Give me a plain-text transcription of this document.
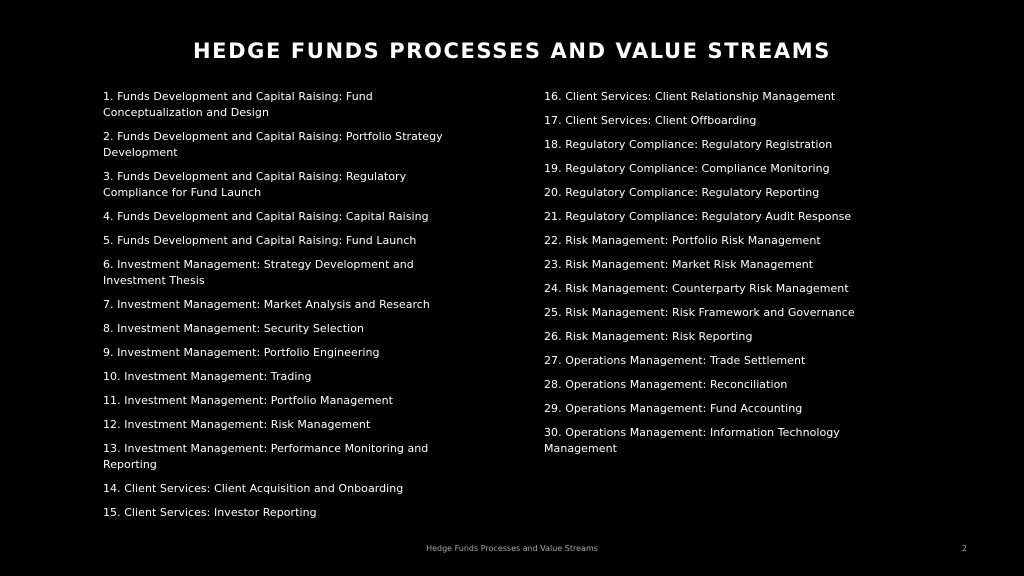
HEDGE FUNDS PROCESSES AND VALUE STREAMS
1. Funds Development and Capital Raising: Fund Conceptualization and Design
2. Funds Development and Capital Raising: Portfolio Strategy Development
3. Funds Development and Capital Raising: Regulatory Compliance for Fund Launch
4. Funds Development and Capital Raising: Capital Raising
5. Funds Development and Capital Raising: Fund Launch
6. Investment Management: Strategy Development and Investment Thesis
7. Investment Management: Market Analysis and Research
8. Investment Management: Security Selection
9. Investment Management: Portfolio Engineering
10. Investment Management: Trading
11. Investment Management: Portfolio Management
12. Investment Management: Risk Management
13. Investment Management: Performance Monitoring and Reporting
14. Client Services: Client Acquisition and Onboarding
15. Client Services: Investor Reporting
16. Client Services: Client Relationship Management
17. Client Services: Client Offboarding
18. Regulatory Compliance: Regulatory Registration
19. Regulatory Compliance: Compliance Monitoring
20. Regulatory Compliance: Regulatory Reporting
21. Regulatory Compliance: Regulatory Audit Response
22. Risk Management: Portfolio Risk Management
23. Risk Management: Market Risk Management
24. Risk Management: Counterparty Risk Management
25. Risk Management: Risk Framework and Governance
26. Risk Management: Risk Reporting
27. Operations Management: Trade Settlement
28. Operations Management: Reconciliation
29. Operations Management: Fund Accounting
30. Operations Management: Information Technology Management
Hedge Funds Processes and Value Streams	2
